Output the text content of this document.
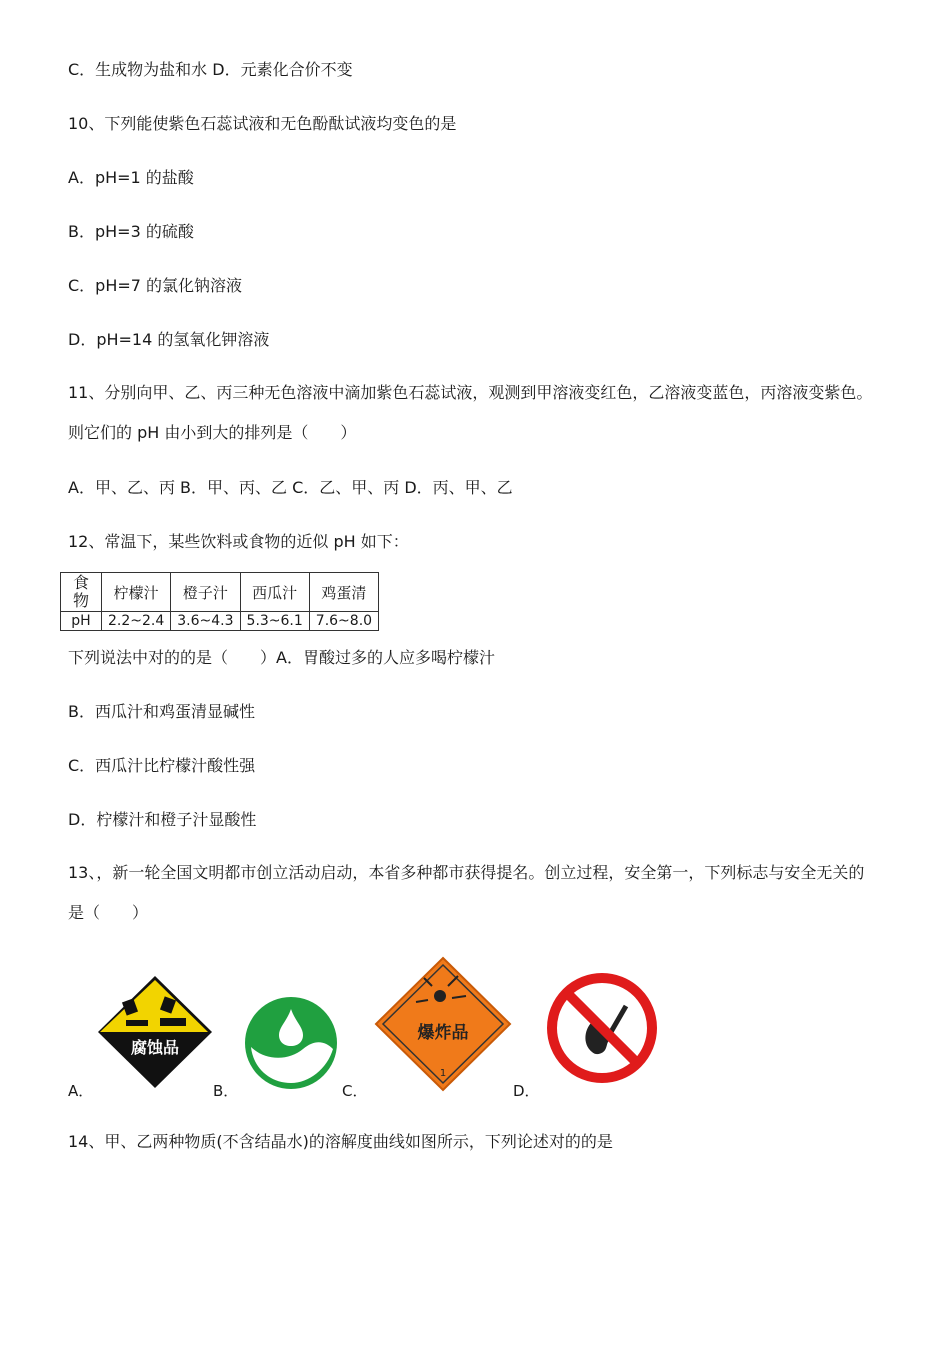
C．生成物为盐和水 D．元素化合价不变
10、下列能使紫色石蕊试液和无色酚酞试液均变色的是
A．pH=1 的盐酸
B．pH=3 的硫酸
C．pH=7 的氯化钠溶液
D．pH=14 的氢氧化钾溶液
11、分别向甲、乙、丙三种无色溶液中滴加紫色石蕊试液，观测到甲溶液变红色，乙溶液变蓝色，丙溶液变紫色。则它们的 pH 由小到大的排列是（　　）
A．甲、乙、丙 B．甲、丙、乙 C．乙、甲、丙 D．丙、甲、乙
12、常温下，某些饮料或食物的近似 pH 如下：
食物	柠檬汁	橙子汁	西瓜汁	鸡蛋清
pH	2.2~2.4	3.6~4.3	5.3~6.1	7.6~8.0
下列说法中对的的是（　　）A．胃酸过多的人应多喝柠檬汁
B．西瓜汁和鸡蛋清显碱性
C．西瓜汁比柠檬汁酸性强
D．柠檬汁和橙子汁显酸性
13、，新一轮全国文明都市创立活动启动，本省多种都市获得提名。创立过程，安全第一，下列标志与安全无关的是（　　）
腐蚀品
爆炸品
1
A．	B．	C．	D．
14、甲、乙两种物质(不含结晶水)的溶解度曲线如图所示，下列论述对的的是
